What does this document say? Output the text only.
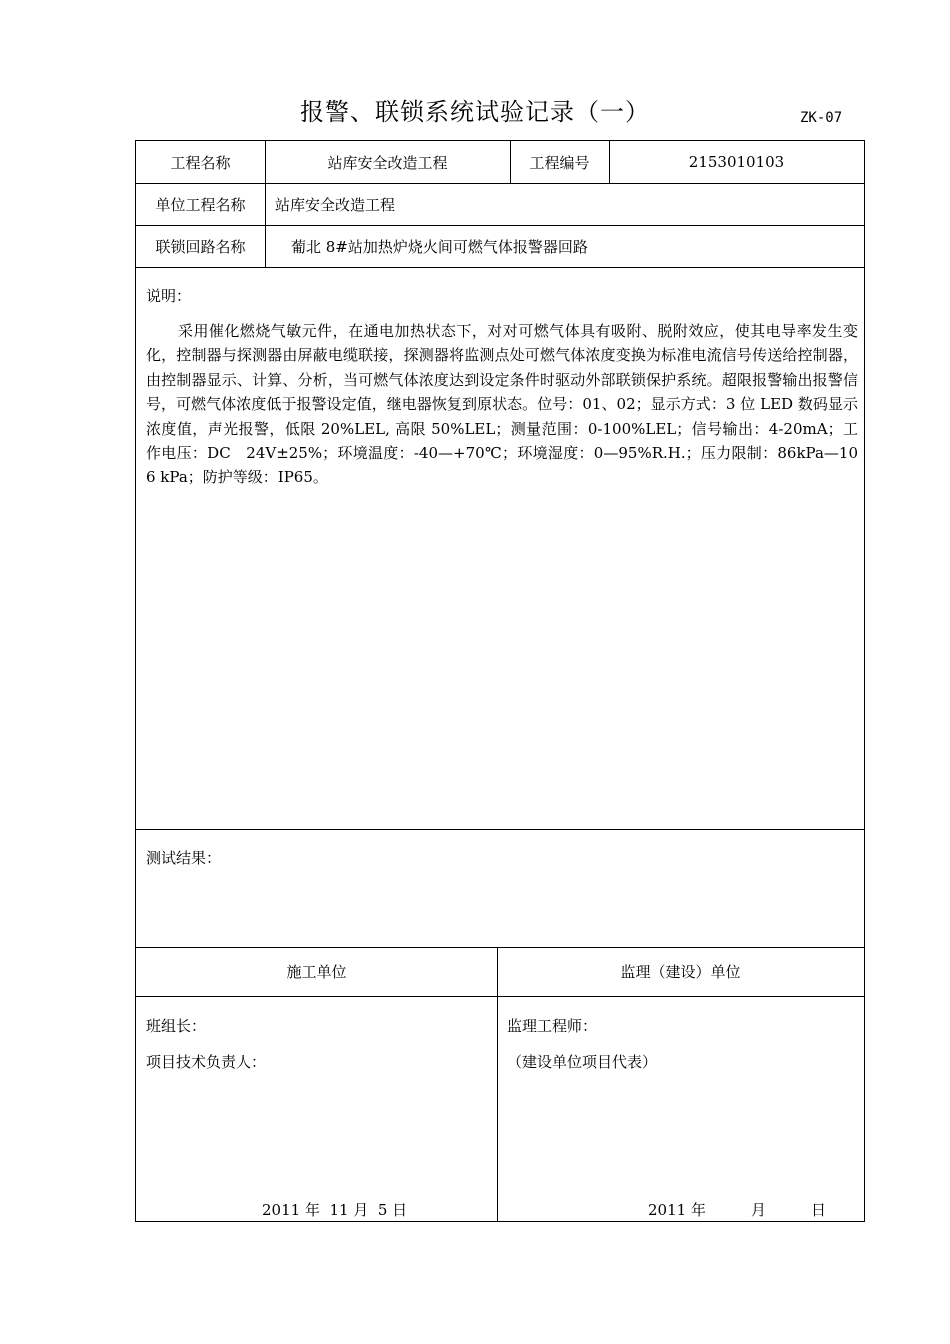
报警、联锁系统试验记录（一）	ZK-07
工程名称	站库安全改造工程	工程编号	2153010103
单位工程名称	站库安全改造工程
联锁回路名称	葡北 8#站加热炉烧火间可燃气体报警器回路
说明：
采用催化燃烧气敏元件，在通电加热状态下，对对可燃气体具有吸附、脱附效应，使其电导率发生变化，控制器与探测器由屏蔽电缆联接，探测器将监测点处可燃气体浓度变换为标准电流信号传送给控制器，由控制器显示、计算、分析，当可燃气体浓度达到设定条件时驱动外部联锁保护系统。超限报警输出报警信号，可燃气体浓度低于报警设定值，继电器恢复到原状态。位号：01、02；显示方式：3 位 LED 数码显示浓度值，声光报警，低限 20%LEL, 高限 50%LEL；测量范围：0-100%LEL；信号输出：4-20mA；工作电压：DC　24V±25%；环境温度：-40—+70℃；环境湿度：0—95%R.H.；压力限制：86kPa—106 kPa；防护等级：IP65。
测试结果：
施工单位	监理（建设）单位
班组长：
项目技术负责人：
监理工程师：
（建设单位项目代表）
2011 年  11 月  5 日	2011 年　　　月　　　日
